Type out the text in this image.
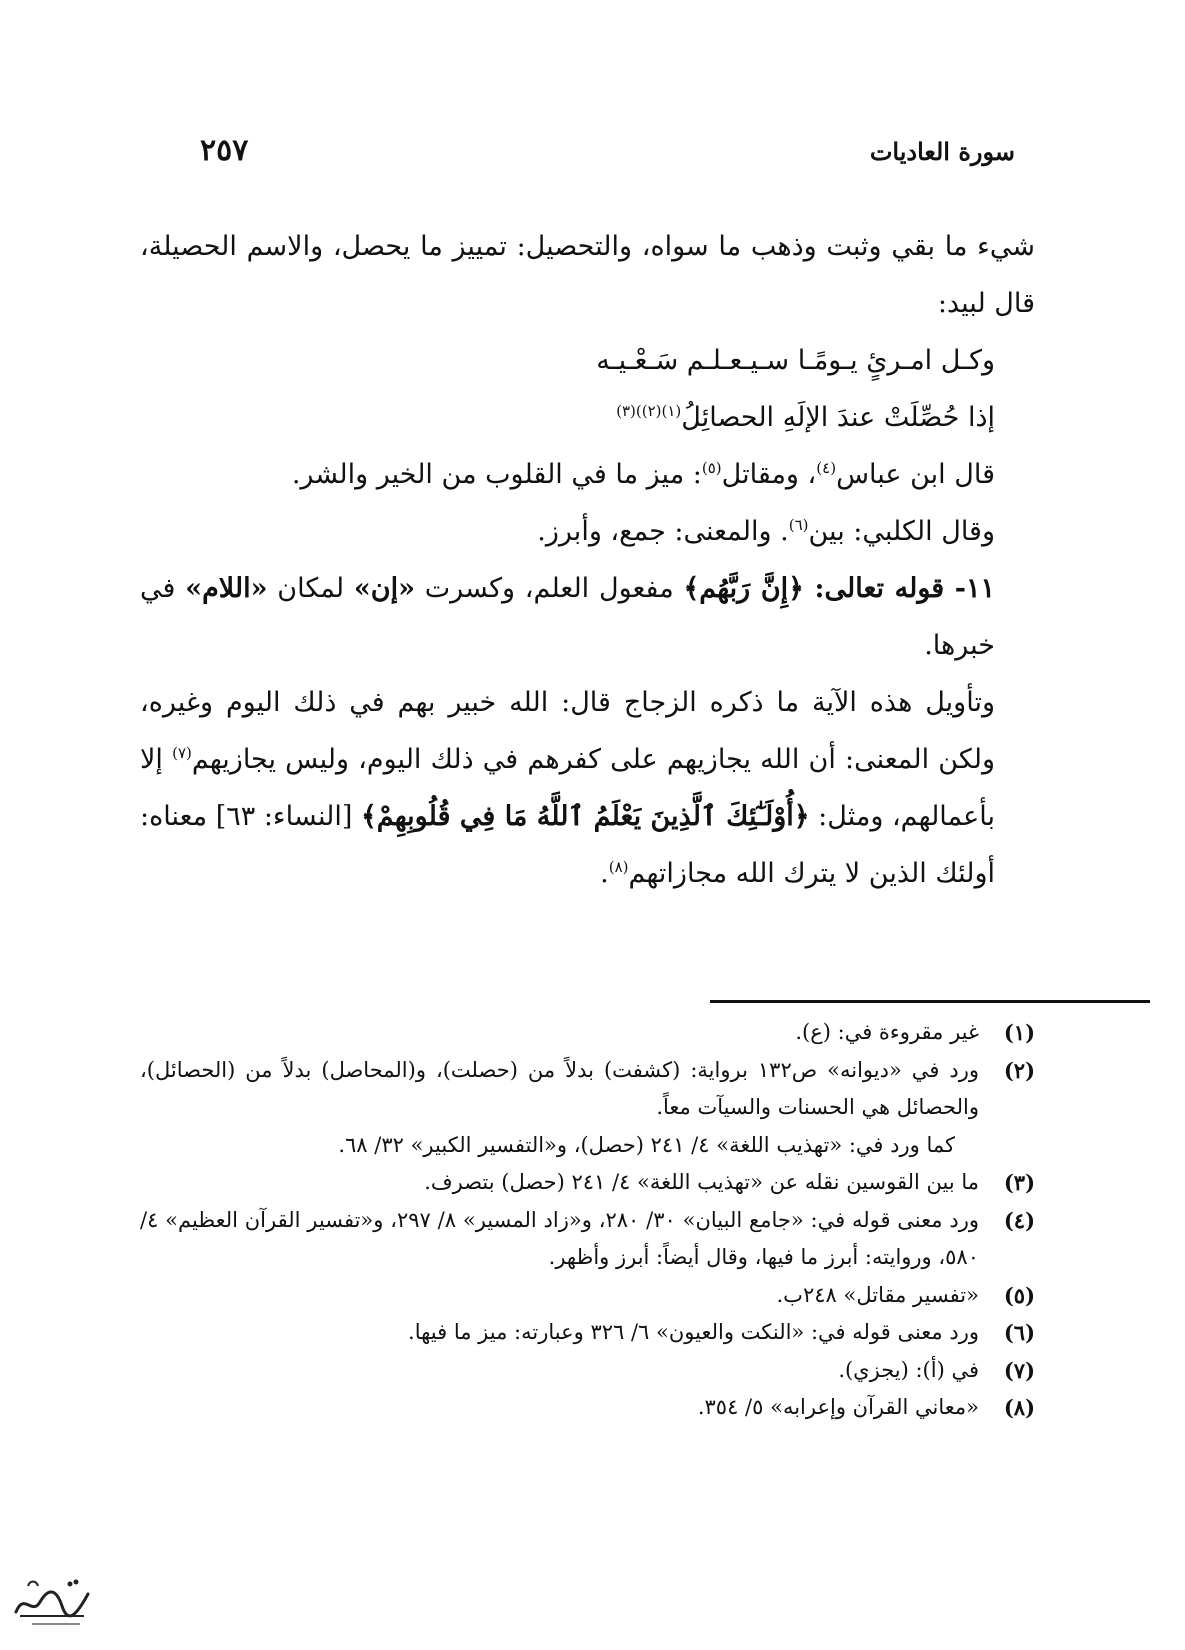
سورة العاديات
٢٥٧

شيء ما بقي وثبت وذهب ما سواه، والتحصيل: تمييز ما يحصل، والاسم الحصيلة، قال لبيد:

وكـل امـرئٍ يـومًـا سـيـعـلـم سَـعْـيـه

إذا حُصِّلَتْ عندَ الإلَهِ الحصائِلُ$^{(١)(٢))(٣)}$

قال ابن عباس$^{(٤)}$، ومقاتل$^{(٥)}$: ميز ما في القلوب من الخير والشر.

وقال الكلبي: بين$^{(٦)}$. والمعنى: جمع، وأبرز.

١١- قوله تعالى: ﴿إِنَّ رَبَّهُم﴾ مفعول العلم، وكسرت «إن» لمكان «اللام» في خبرها.

وتأويل هذه الآية ما ذكره الزجاج قال: الله خبير بهم في ذلك اليوم وغيره، ولكن المعنى: أن الله يجازيهم على كفرهم في ذلك اليوم، وليس يجازيهم$^{(٧)}$ إلا بأعمالهم، ومثل: ﴿أُوْلَـٰٓئِكَ ٱلَّذِينَ يَعْلَمُ ٱللَّهُ مَا فِي قُلُوبِهِمْ﴾ [النساء: ٦٣] معناه: أولئك الذين لا يترك الله مجازاتهم$^{(٨)}$.

(١)
غير مقروءة في: (ع).
(٢)
ورد في «ديوانه» ص١٣٢ برواية: (كشفت) بدلاً من (حصلت)، و(المحاصل) بدلاً من (الحصائل)، والحصائل هي الحسنات والسيآت معاً.
كما ورد في: «تهذيب اللغة» ٤/ ٢٤١ (حصل)، و«التفسير الكبير» ٣٢/ ٦٨.
(٣)
ما بين القوسين نقله عن «تهذيب اللغة» ٤/ ٢٤١ (حصل) بتصرف.
(٤)
ورد معنى قوله في: «جامع البيان» ٣٠/ ٢٨٠، و«زاد المسير» ٨/ ٢٩٧، و«تفسير القرآن العظيم» ٤/ ٥٨٠، وروايته: أبرز ما فيها، وقال أيضاً: أبرز وأظهر.
(٥)
«تفسير مقاتل» ٢٤٨ب.
(٦)
ورد معنى قوله في: «النكت والعيون» ٦/ ٣٢٦ وعبارته: ميز ما فيها.
(٧)
في (أ): (يجزي).
(٨)
«معاني القرآن وإعرابه» ٥/ ٣٥٤.
